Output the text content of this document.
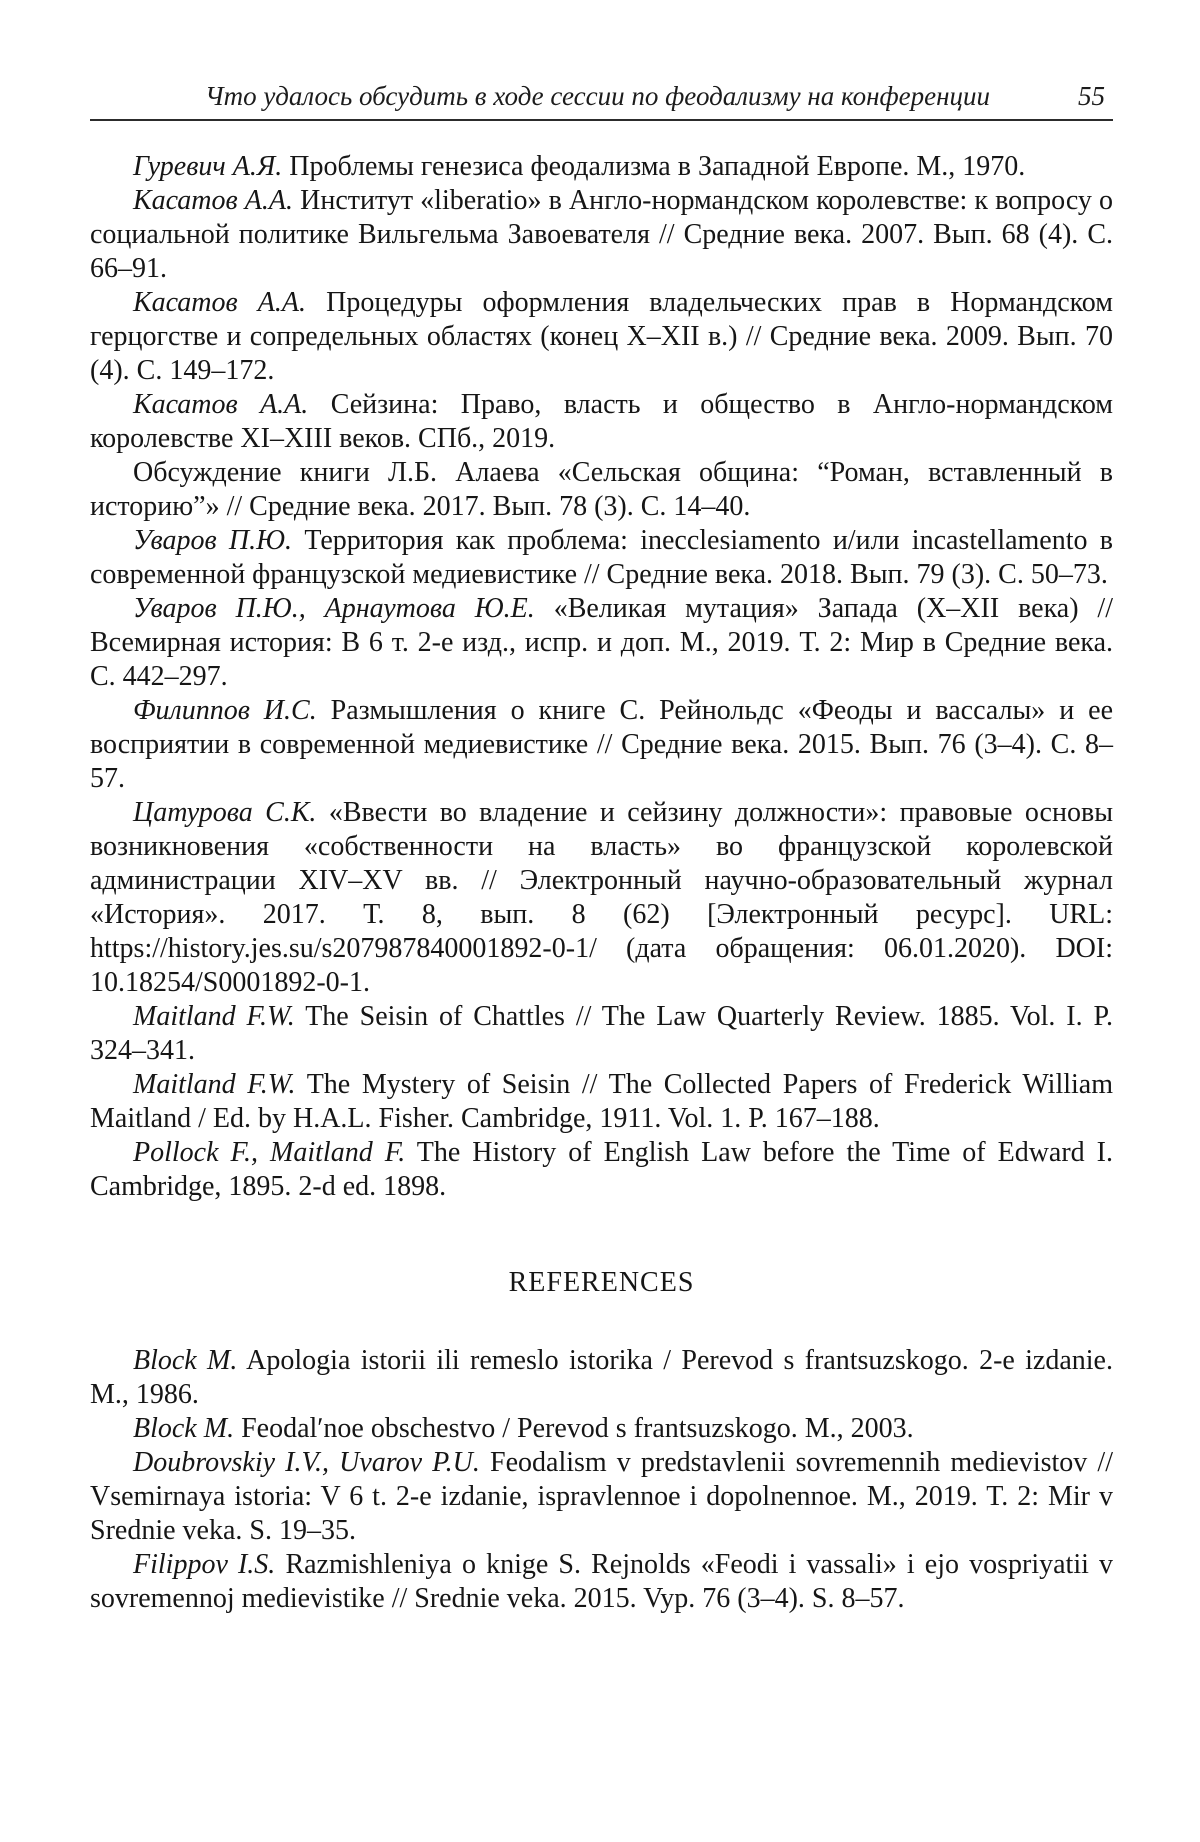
Что удалось обсудить в ходе сессии по феодализму на конференции	55

Гуревич А.Я. Проблемы генезиса феодализма в Западной Европе. М., 1970.

Касатов А.А. Институт «liberatio» в Англо-нормандском королевстве: к вопросу о социальной политике Вильгельма Завоевателя // Средние века. 2007. Вып. 68 (4). С. 66–91.

Касатов А.А. Процедуры оформления владельческих прав в Нормандском герцогстве и сопредельных областях (конец X–XII в.) // Средние века. 2009. Вып. 70 (4). С. 149–172.

Касатов А.А. Сейзина: Право, власть и общество в Англо-нормандском королевстве XI–XIII веков. СПб., 2019.

Обсуждение книги Л.Б. Алаева «Сельская община: “Роман, вставленный в историю”» // Средние века. 2017. Вып. 78 (3). С. 14–40.

Уваров П.Ю. Территория как проблема: inecclesiamento и/или incastellamento в современной французской медиевистике // Средние века. 2018. Вып. 79 (3). С. 50–73.

Уваров П.Ю., Арнаутова Ю.Е. «Великая мутация» Запада (X–XII века) // Всемирная история: В 6 т. 2-е изд., испр. и доп. М., 2019. Т. 2: Мир в Средние века. С. 442–297.

Филиппов И.С. Размышления о книге С. Рейнольдс «Феоды и вассалы» и ее восприятии в современной медиевистике // Средние века. 2015. Вып. 76 (3–4). С. 8–57.

Цатурова С.К. «Ввести во владение и сейзину должности»: правовые основы возникновения «собственности на власть» во французской королевской администрации XIV–XV вв. // Электронный научно-образовательный журнал «История». 2017. Т. 8, вып. 8 (62) [Электронный ресурс]. URL: https://history.jes.su/s207987840001892-0-1/ (дата обращения: 06.01.2020). DOI: 10.18254/S0001892-0-1.

Maitland F.W. The Seisin of Chattles // The Law Quarterly Review. 1885. Vol. I. P. 324–341.

Maitland F.W. The Mystery of Seisin // The Collected Papers of Frederick William Maitland / Ed. by H.A.L. Fisher. Cambridge, 1911. Vol. 1. P. 167–188.

Pollock F., Maitland F. The History of English Law before the Time of Edward I. Cambridge, 1895. 2-d ed. 1898.

REFERENCES

Block M. Apologia istorii ili remeslo istorika / Perevod s frantsuzskogo. 2-e izdanie. M., 1986.

Block M. Feodalʹnoe obschestvo / Perevod s frantsuzskogo. M., 2003.

Doubrovskiy I.V., Uvarov P.U. Feodalism v predstavlenii sovremennih medievistov // Vsemirnaya istoria: V 6 t. 2-e izdanie, ispravlennoe i dopolnennoe. M., 2019. T. 2: Mir v Srednie veka. S. 19–35.

Filippov I.S. Razmishleniya o knige S. Rejnolds «Feodi i vassali» i ejo vospriyatii v sovremennoj medievistike // Srednie veka. 2015. Vyp. 76 (3–4). S. 8–57.
